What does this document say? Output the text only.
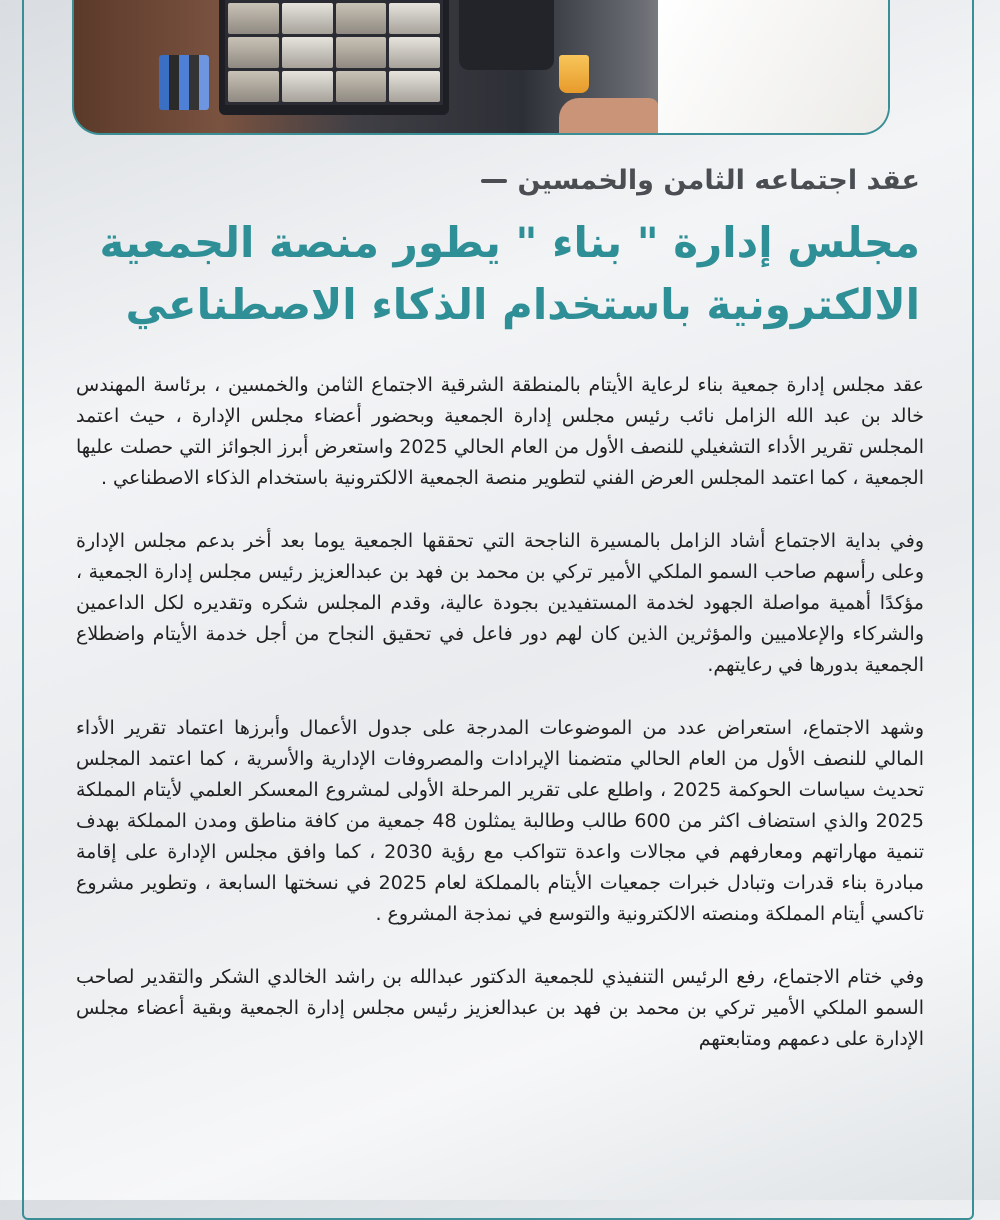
عقد اجتماعه الثامن والخمسين
مجلس إدارة " بناء " يطور منصة الجمعية
الالكترونية باستخدام الذكاء الاصطناعي

عقد مجلس إدارة جمعية بناء لرعاية الأيتام بالمنطقة الشرقية الاجتماع الثامن والخمسين ، برئاسة المهندس خالد بن عبد الله الزامل نائب رئيس مجلس إدارة الجمعية وبحضور أعضاء مجلس الإدارة ، حيث اعتمد المجلس تقرير الأداء التشغيلي للنصف الأول من العام الحالي 2025 واستعرض أبرز الجوائز التي حصلت عليها الجمعية ، كما اعتمد المجلس العرض الفني لتطوير منصة الجمعية الالكترونية باستخدام الذكاء الاصطناعي .

وفي بداية الاجتماع أشاد الزامل بالمسيرة الناجحة التي تحققها الجمعية يوما بعد أخر بدعم مجلس الإدارة وعلى رأسهم صاحب السمو الملكي الأمير تركي بن محمد بن فهد بن عبدالعزيز رئيس مجلس إدارة الجمعية ، مؤكدًا أهمية مواصلة الجهود لخدمة المستفيدين بجودة عالية، وقدم المجلس شكره وتقديره لكل الداعمين والشركاء والإعلاميين والمؤثرين الذين كان لهم دور فاعل في تحقيق النجاح من أجل خدمة الأيتام واضطلاع الجمعية بدورها في رعايتهم.

وشهد الاجتماع، استعراض عدد من الموضوعات المدرجة على جدول الأعمال وأبرزها اعتماد تقرير الأداء المالي للنصف الأول من العام الحالي متضمنا الإيرادات والمصروفات الإدارية والأسرية ، كما اعتمد المجلس تحديث سياسات الحوكمة 2025 ، واطلع على تقرير المرحلة الأولى لمشروع المعسكر العلمي لأيتام المملكة 2025 والذي استضاف اكثر من 600 طالب وطالبة يمثلون 48 جمعية من كافة مناطق ومدن المملكة بهدف تنمية مهاراتهم ومعارفهم في مجالات واعدة تتواكب مع رؤية 2030 ، كما وافق مجلس الإدارة على إقامة مبادرة بناء قدرات وتبادل خبرات جمعيات الأيتام بالمملكة لعام 2025 في نسختها السابعة ، وتطوير مشروع تاكسي أيتام المملكة ومنصته الالكترونية والتوسع في نمذجة المشروع .

وفي ختام الاجتماع، رفع الرئيس التنفيذي للجمعية الدكتور عبدالله بن راشد الخالدي الشكر والتقدير لصاحب السمو الملكي الأمير تركي بن محمد بن فهد بن عبدالعزيز رئيس مجلس إدارة الجمعية وبقية أعضاء مجلس الإدارة على دعمهم ومتابعتهم
